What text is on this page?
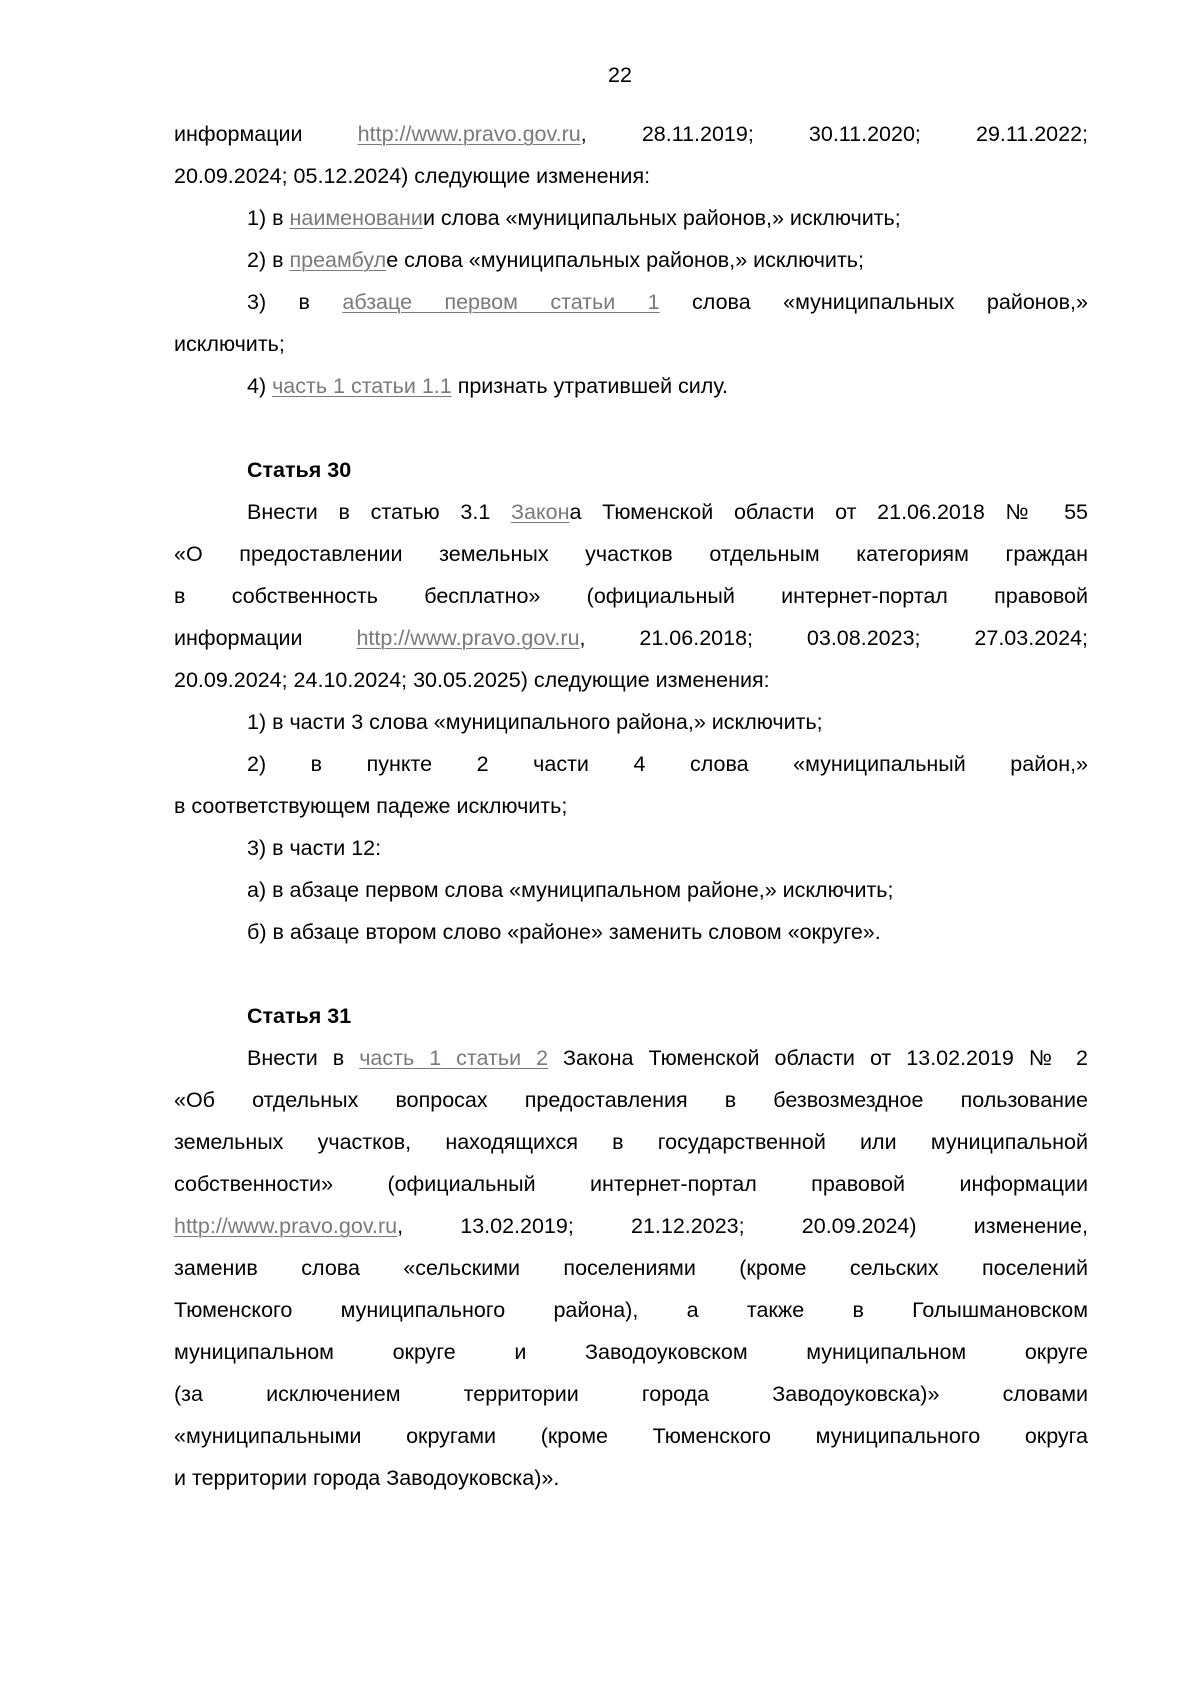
22

информации	http://www.pravo.gov.ru,	28.11.2019;	30.11.2020;	29.11.2022;

20.09.2024; 05.12.2024) следующие изменения:

1) в наименовании слова «муниципальных районов,» исключить;

2) в преамбуле слова «муниципальных районов,» исключить;

3) в абзаце первом статьи 1 слова «муниципальных районов,»

исключить;

4) часть 1 статьи 1.1 признать утратившей силу.

Статья 30

Внести в статью 3.1 Закона Тюменской области от 21.06.2018 № 55

«О предоставлении земельных участков отдельным категориям граждан

в собственность бесплатно» (официальный интернет-портал правовой

информации	http://www.pravo.gov.ru,	21.06.2018;	03.08.2023;	27.03.2024;

20.09.2024; 24.10.2024; 30.05.2025) следующие изменения:

1) в части 3 слова «муниципального района,» исключить;

2) в пункте 2 части 4 слова «муниципальный район,»

в соответствующем падеже исключить;

3) в части 12:

а) в абзаце первом слова «муниципальном районе,» исключить;

б) в абзаце втором слово «районе» заменить словом «округе».

Статья 31

Внести в часть 1 статьи 2 Закона Тюменской области от 13.02.2019 № 2

«Об отдельных вопросах предоставления в безвозмездное пользование

земельных участков, находящихся в государственной или муниципальной

собственности» (официальный интернет-портал правовой информации

http://www.pravo.gov.ru, 13.02.2019; 21.12.2023; 20.09.2024) изменение,

заменив слова «сельскими поселениями (кроме сельских поселений

Тюменского муниципального района), а также в Голышмановском

муниципальном округе и Заводоуковском муниципальном округе

(за исключением территории города Заводоуковска)» словами

«муниципальными округами (кроме Тюменского муниципального округа

и территории города Заводоуковска)».
